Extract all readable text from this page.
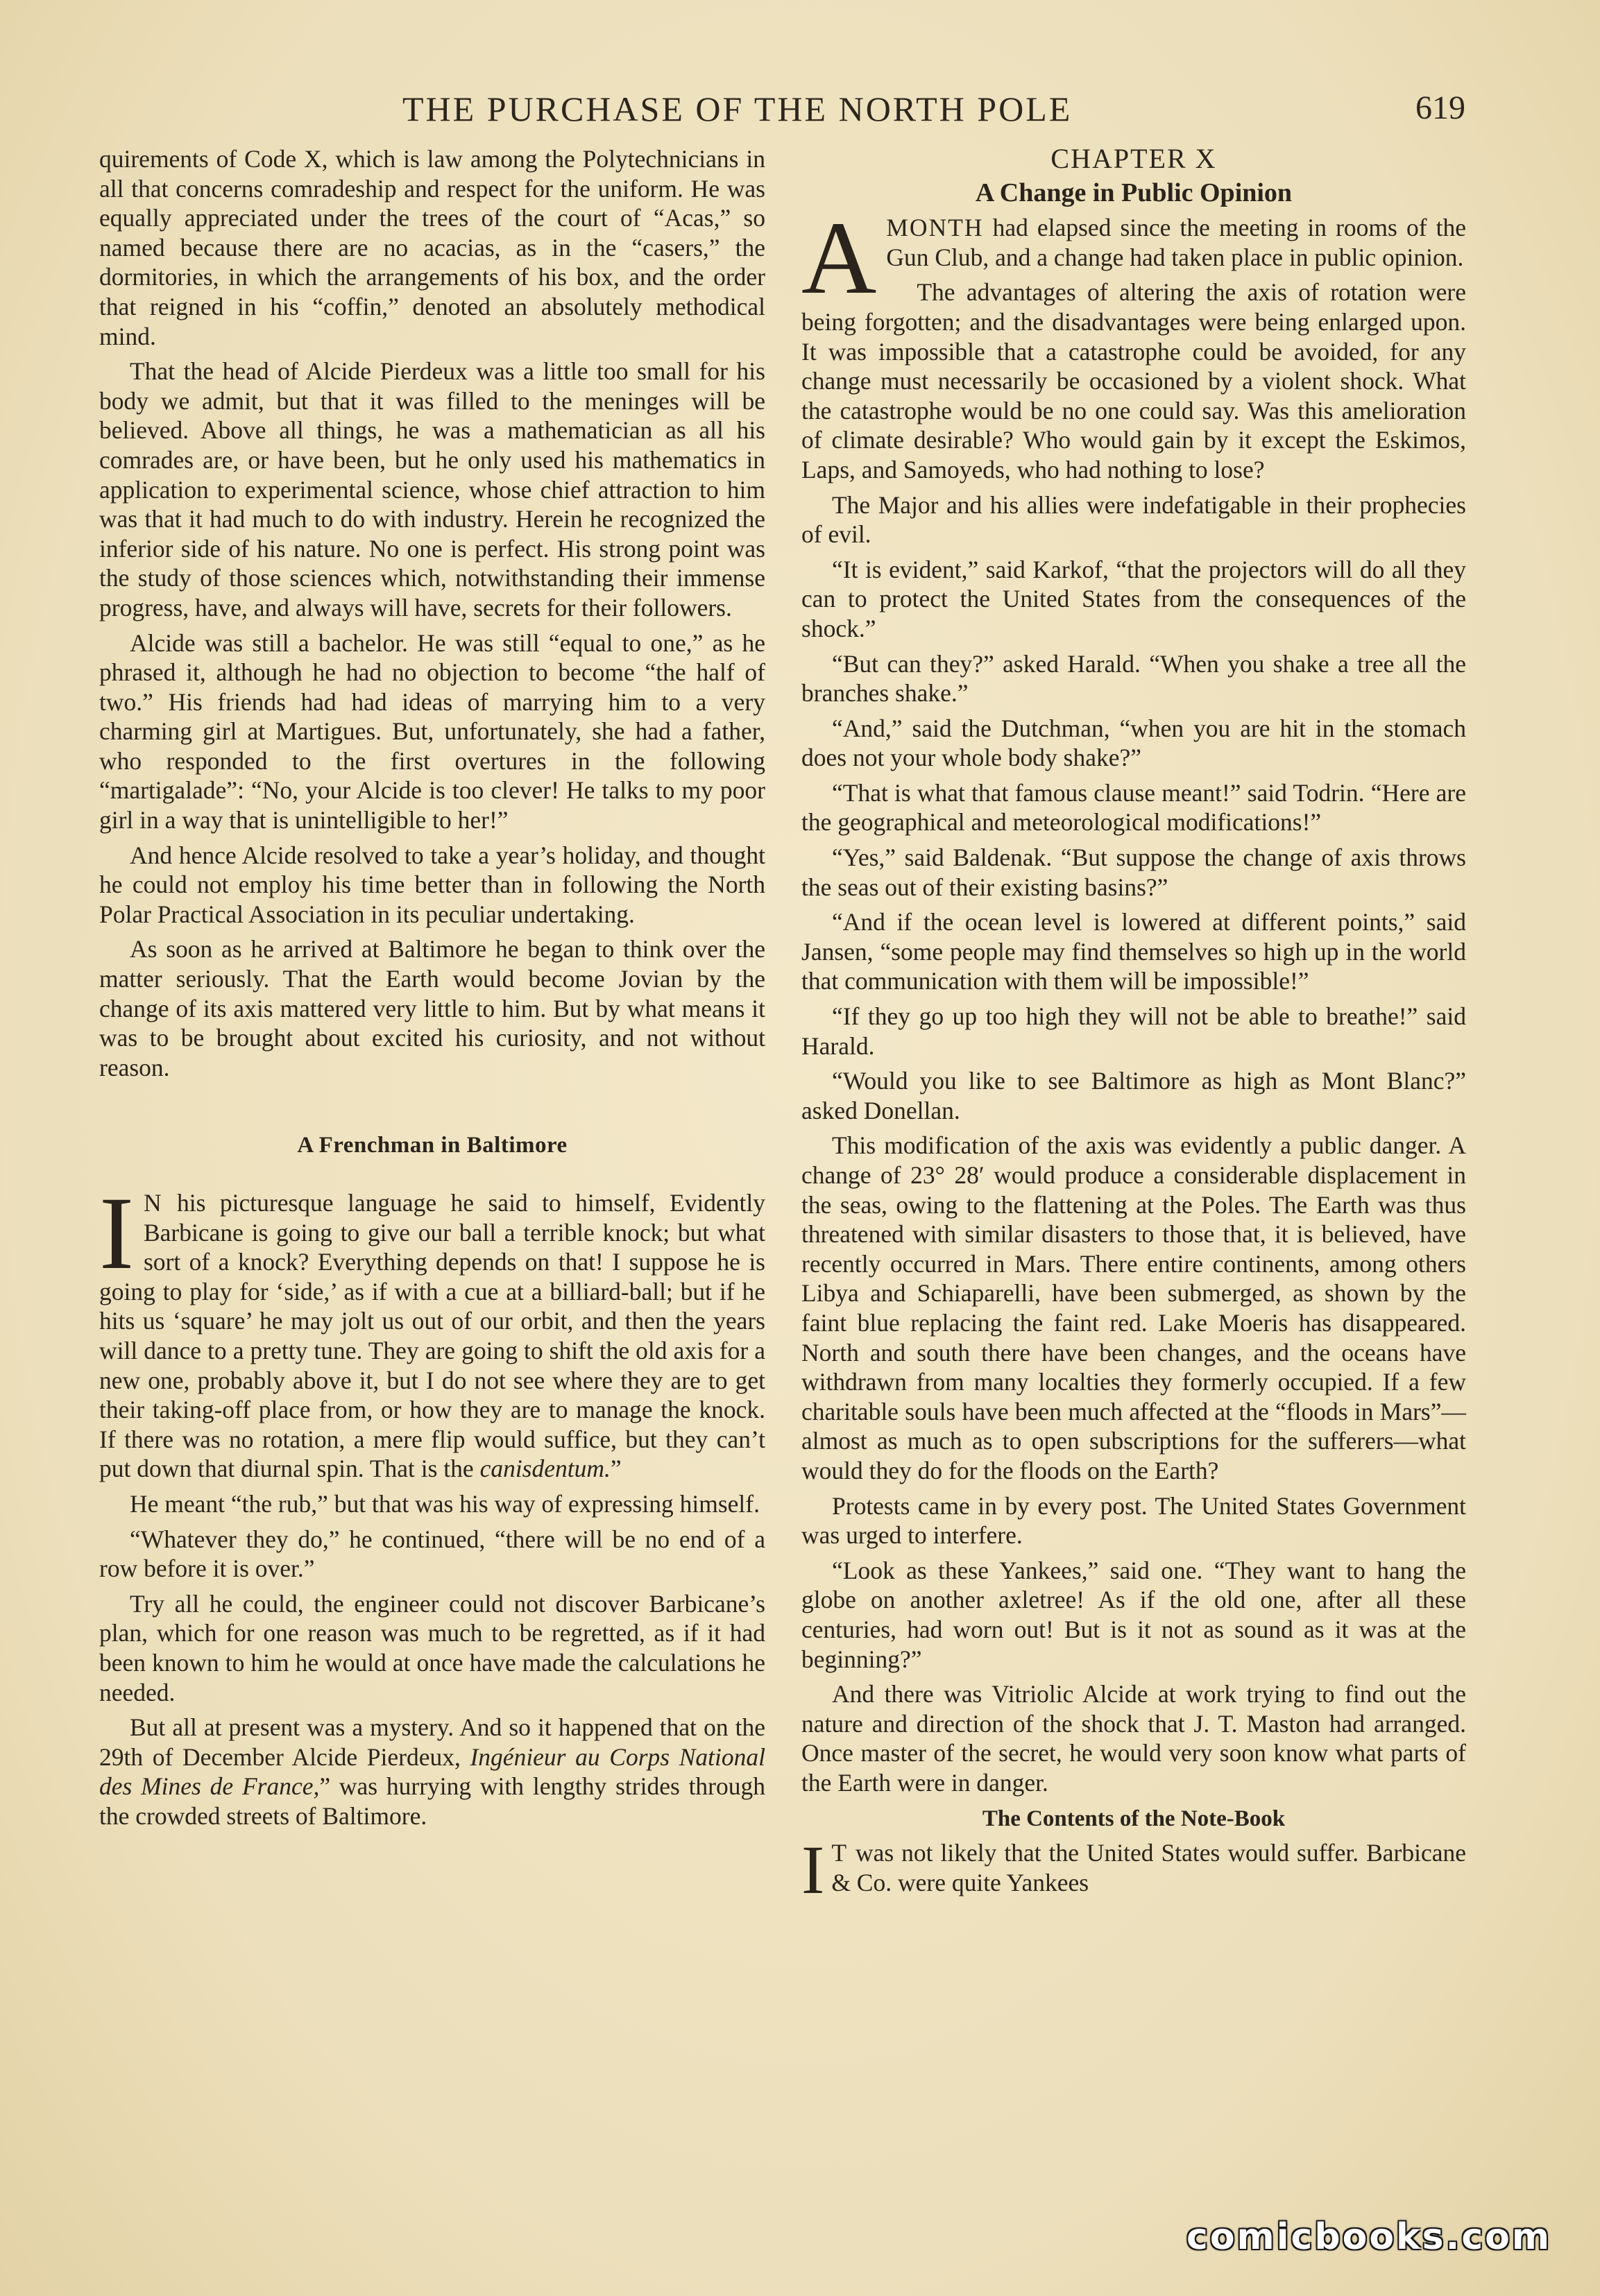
THE PURCHASE OF THE NORTH POLE	619

quirements of Code X, which is law among the Polytechnicians in all that concerns comradeship and respect for the uniform. He was equally appreciated under the trees of the court of “Acas,” so named because there are no acacias, as in the “casers,” the dormitories, in which the arrangements of his box, and the order that reigned in his “coffin,” denoted an absolutely methodical mind.

That the head of Alcide Pierdeux was a little too small for his body we admit, but that it was filled to the meninges will be believed. Above all things, he was a mathematician as all his comrades are, or have been, but he only used his mathematics in application to experimental science, whose chief attraction to him was that it had much to do with industry. Herein he recognized the inferior side of his nature. No one is perfect. His strong point was the study of those sciences which, notwithstanding their immense progress, have, and always will have, secrets for their followers.

Alcide was still a bachelor. He was still “equal to one,” as he phrased it, although he had no objection to become “the half of two.” His friends had had ideas of marrying him to a very charming girl at Martigues. But, unfortunately, she had a father, who responded to the first overtures in the following “martigalade”: “No, your Alcide is too clever! He talks to my poor girl in a way that is unintelligible to her!”

And hence Alcide resolved to take a year’s holiday, and thought he could not employ his time better than in following the North Polar Practical Association in its peculiar undertaking.

As soon as he arrived at Baltimore he began to think over the matter seriously. That the Earth would become Jovian by the change of its axis mattered very little to him. But by what means it was to be brought about excited his curiosity, and not without reason.

A Frenchman in Baltimore

I N his picturesque language he said to himself, Evidently Barbicane is going to give our ball a terrible knock; but what sort of a knock? Everything depends on that! I suppose he is going to play for ‘side,’ as if with a cue at a billiard-ball; but if he hits us ‘square’ he may jolt us out of our orbit, and then the years will dance to a pretty tune. They are going to shift the old axis for a new one, probably above it, but I do not see where they are to get their taking-off place from, or how they are to manage the knock. If there was no rotation, a mere flip would suffice, but they can’t put down that diurnal spin. That is the canisdentum.”

He meant “the rub,” but that was his way of expressing himself.

“Whatever they do,” he continued, “there will be no end of a row before it is over.”

Try all he could, the engineer could not discover Barbicane’s plan, which for one reason was much to be regretted, as if it had been known to him he would at once have made the calculations he needed.

But all at present was a mystery. And so it happened that on the 29th of December Alcide Pierdeux, Ingénieur au Corps National des Mines de France,” was hurrying with lengthy strides through the crowded streets of Baltimore.

CHAPTER X
A Change in Public Opinion

AMONTH had elapsed since the meeting in rooms of the Gun Club, and a change had taken place in public opinion.

The advantages of altering the axis of rotation were being forgotten; and the disadvantages were being enlarged upon. It was impossible that a catastrophe could be avoided, for any change must necessarily be occasioned by a violent shock. What the catastrophe would be no one could say. Was this amelioration of climate desirable? Who would gain by it except the Eskimos, Laps, and Samoyeds, who had nothing to lose?

The Major and his allies were indefatigable in their prophecies of evil.

“It is evident,” said Karkof, “that the projectors will do all they can to protect the United States from the consequences of the shock.”

“But can they?” asked Harald. “When you shake a tree all the branches shake.”

“And,” said the Dutchman, “when you are hit in the stomach does not your whole body shake?”

“That is what that famous clause meant!” said Todrin. “Here are the geographical and meteorological modifications!”

“Yes,” said Baldenak. “But suppose the change of axis throws the seas out of their existing basins?”

“And if the ocean level is lowered at different points,” said Jansen, “some people may find themselves so high up in the world that communication with them will be impossible!”

“If they go up too high they will not be able to breathe!” said Harald.

“Would you like to see Baltimore as high as Mont Blanc?” asked Donellan.

This modification of the axis was evidently a public danger. A change of 23° 28′ would produce a considerable displacement in the seas, owing to the flattening at the Poles. The Earth was thus threatened with similar disasters to those that, it is believed, have recently occurred in Mars. There entire continents, among others Libya and Schiaparelli, have been submerged, as shown by the faint blue replacing the faint red. Lake Moeris has disappeared. North and south there have been changes, and the oceans have withdrawn from many localties they formerly occupied. If a few charitable souls have been much affected at the “floods in Mars”—almost as much as to open subscriptions for the sufferers—what would they do for the floods on the Earth?

Protests came in by every post. The United States Government was urged to interfere.

“Look as these Yankees,” said one. “They want to hang the globe on another axletree! As if the old one, after all these centuries, had worn out! But is it not as sound as it was at the beginning?”

And there was Vitriolic Alcide at work trying to find out the nature and direction of the shock that J. T. Maston had arranged. Once master of the secret, he would very soon know what parts of the Earth were in danger.

The Contents of the Note-Book

I T was not likely that the United States would suffer. Barbicane & Co. were quite Yankees

comicbooks.com
